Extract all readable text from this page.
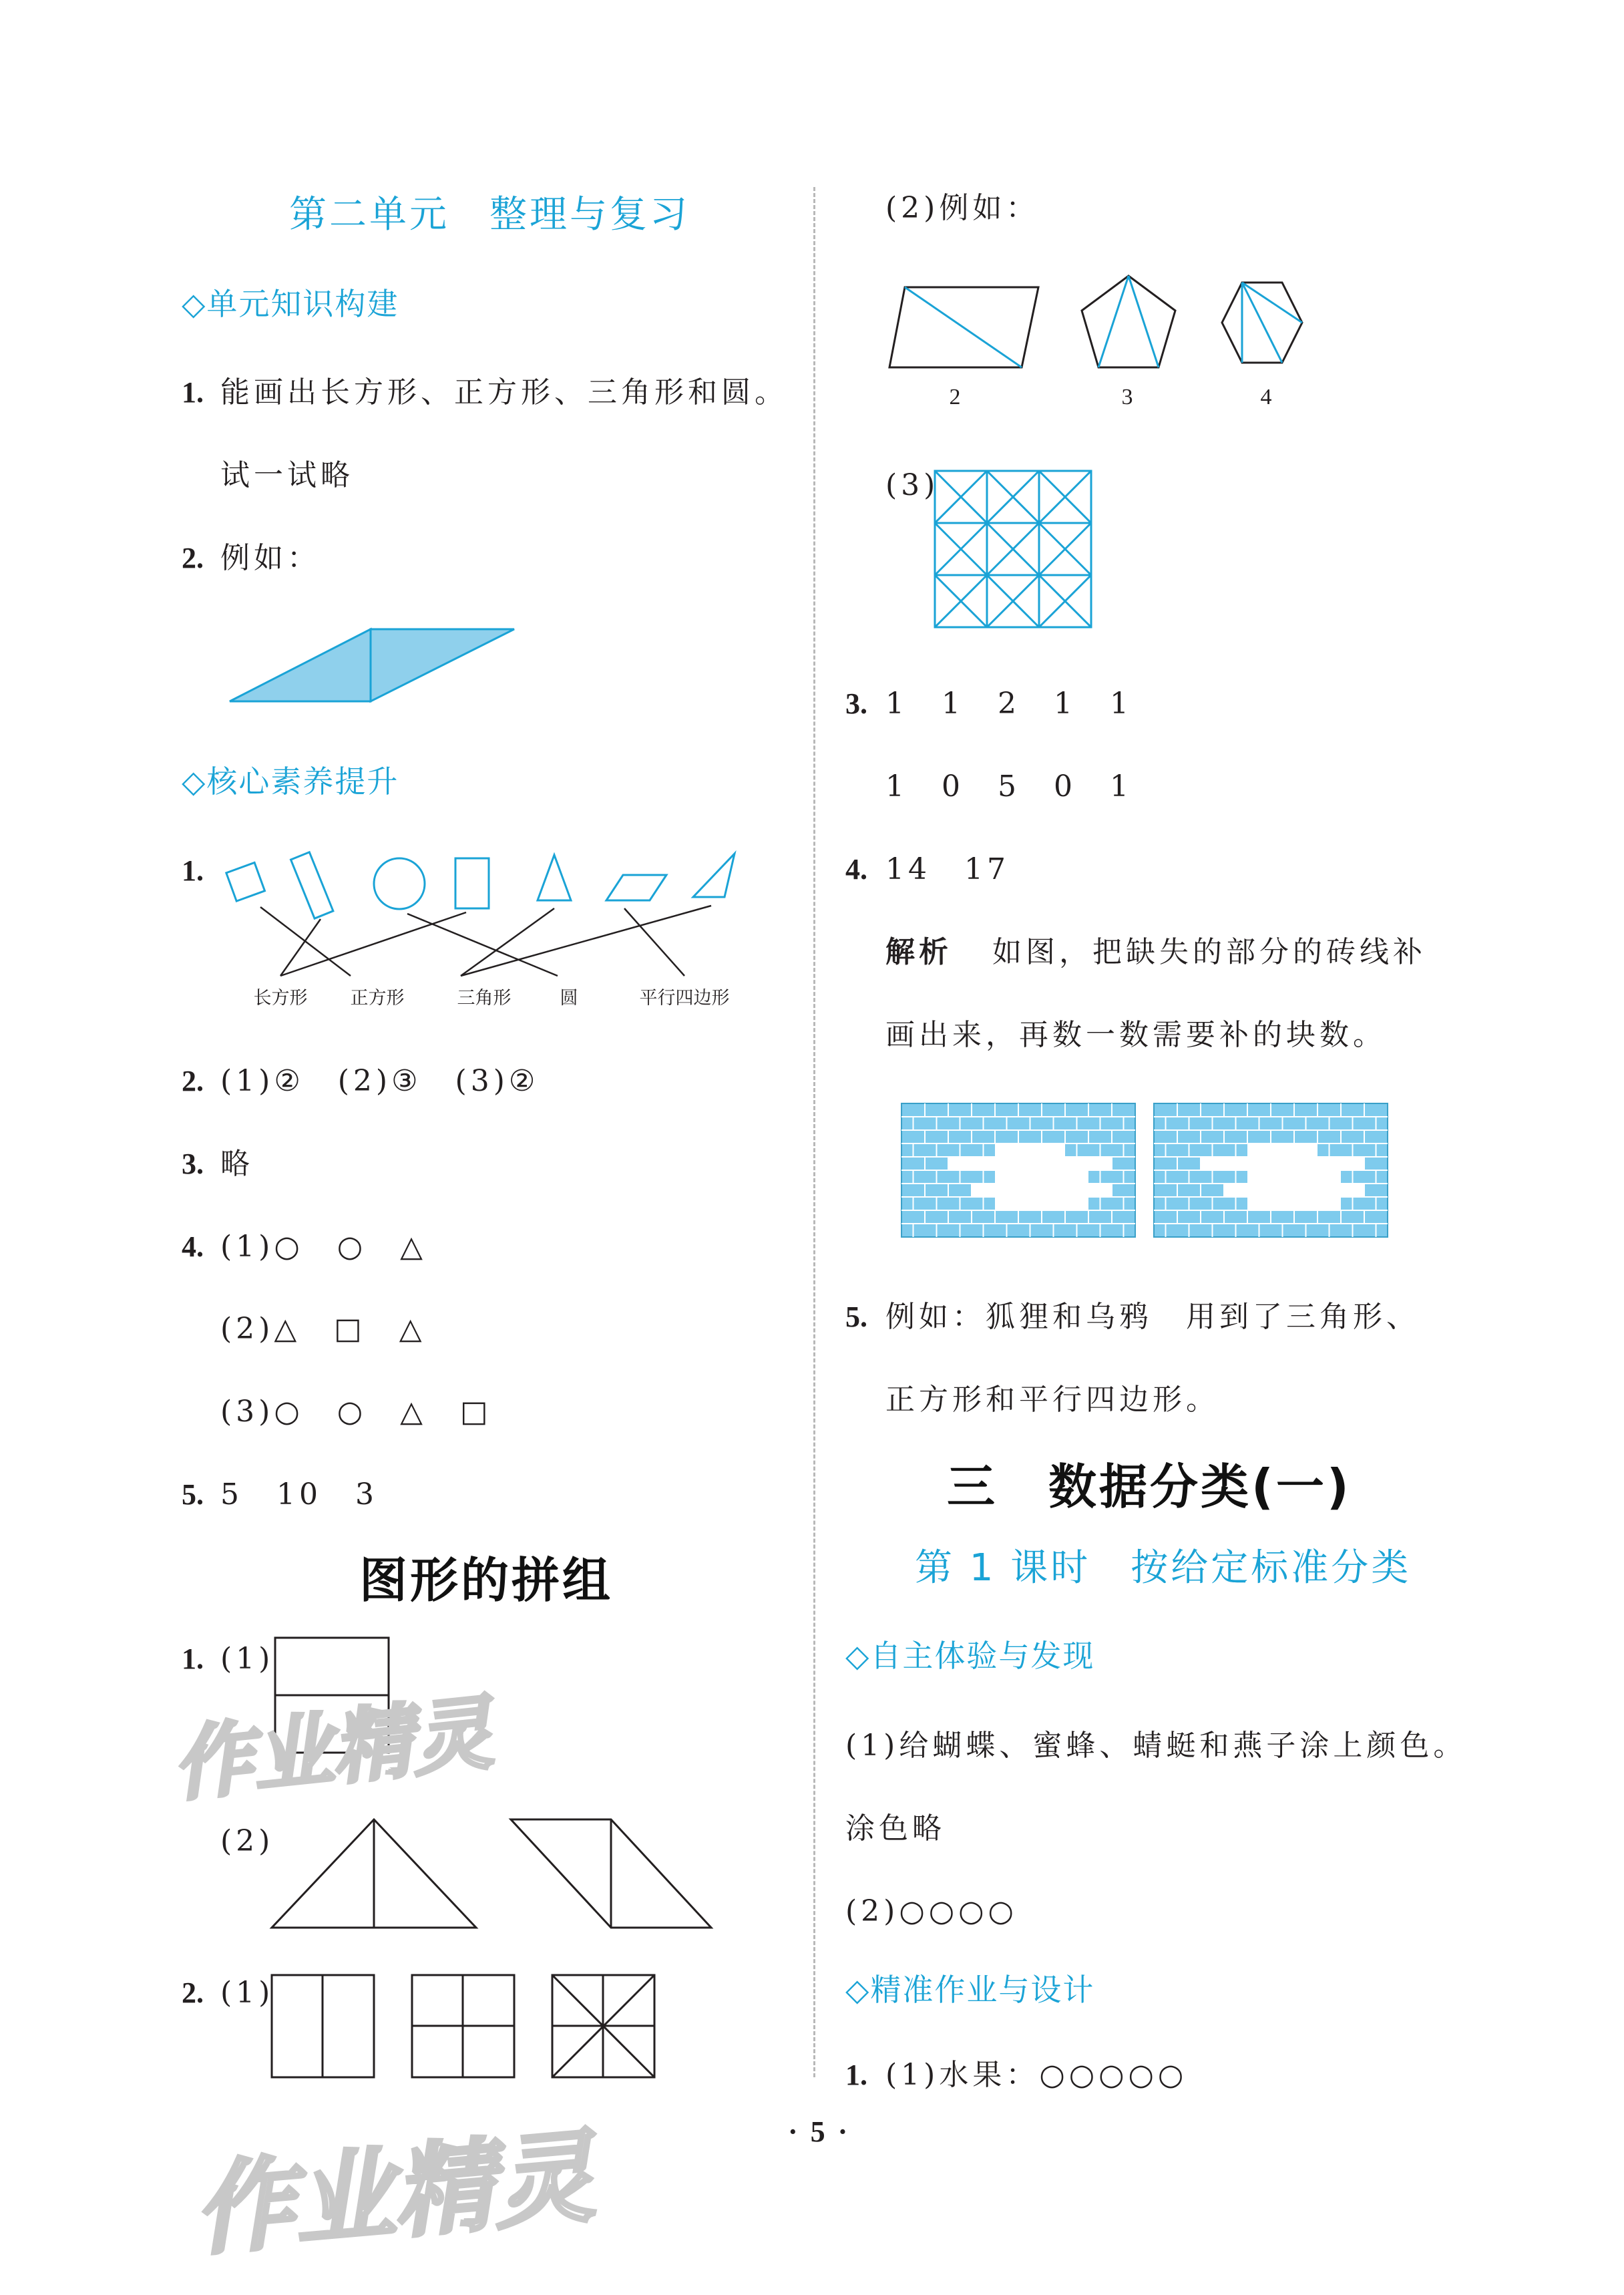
第二单元　整理与复习
◇单元知识构建
1. 能画出长方形、正方形、三角形和圆。
试一试略
2. 例如：
◇核心素养提升
1.
长方形 正方形	三角形	圆	平行四边形
2. (1)②　(2)③　(3)②
3. 略
4. (1)○　○　△
(2)△　□　△
(3)○　○　△　□
5. 5　10　3
图形的拼组
1. (1)
(2)
2. (1)
(2)例如：
2	3	4
(3)
3. 1　1　2　1　1
1　0　5　0　1
4. 14　17
解析 如图，把缺失的部分的砖线补
画出来，再数一数需要补的块数。
5. 例如：狐狸和乌鸦　用到了三角形、
正方形和平行四边形。
三　数据分类(一)
第 1 课时　按给定标准分类
◇自主体验与发现
(1)给蝴蝶、蜜蜂、蜻蜓和燕子涂上颜色。
涂色略
(2)○○○○
◇精准作业与设计
1. (1)水果：○○○○○
· 5 ·
作业精灵
作业精灵
